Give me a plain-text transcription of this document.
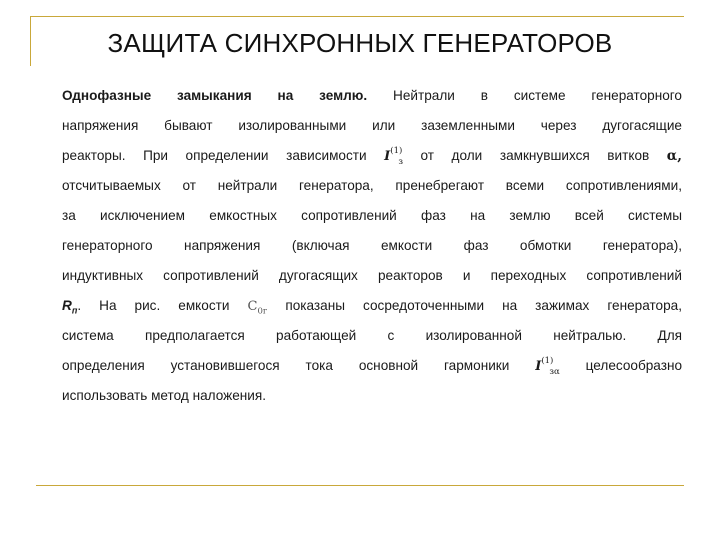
ЗАЩИТА СИНХРОННЫХ ГЕНЕРАТОРОВ
Однофазные замыкания на землю. Нейтрали в системе генераторного
напряжения бывают изолированными или заземленными через дугогасящие
реакторы. При определении зависимости $I^{(1)}_з$ от доли замкнувшихся витков α,
отсчитываемых от нейтрали генератора, пренебрегают всеми сопротивлениями,
за исключением емкостных сопротивлений фаз на землю всей системы
генераторного напряжения (включая емкости фаз обмотки генератора),
индуктивных сопротивлений дугогасящих реакторов и переходных сопротивлений
$R_п$. На рис. емкости $C_{0г}$ показаны сосредоточенными на зажимах генератора,
система предполагается работающей с изолированной нейтралью. Для
определения установившегося тока основной гармоники $I^{(1)}_{з\alpha}$ целесообразно
использовать метод наложения.
